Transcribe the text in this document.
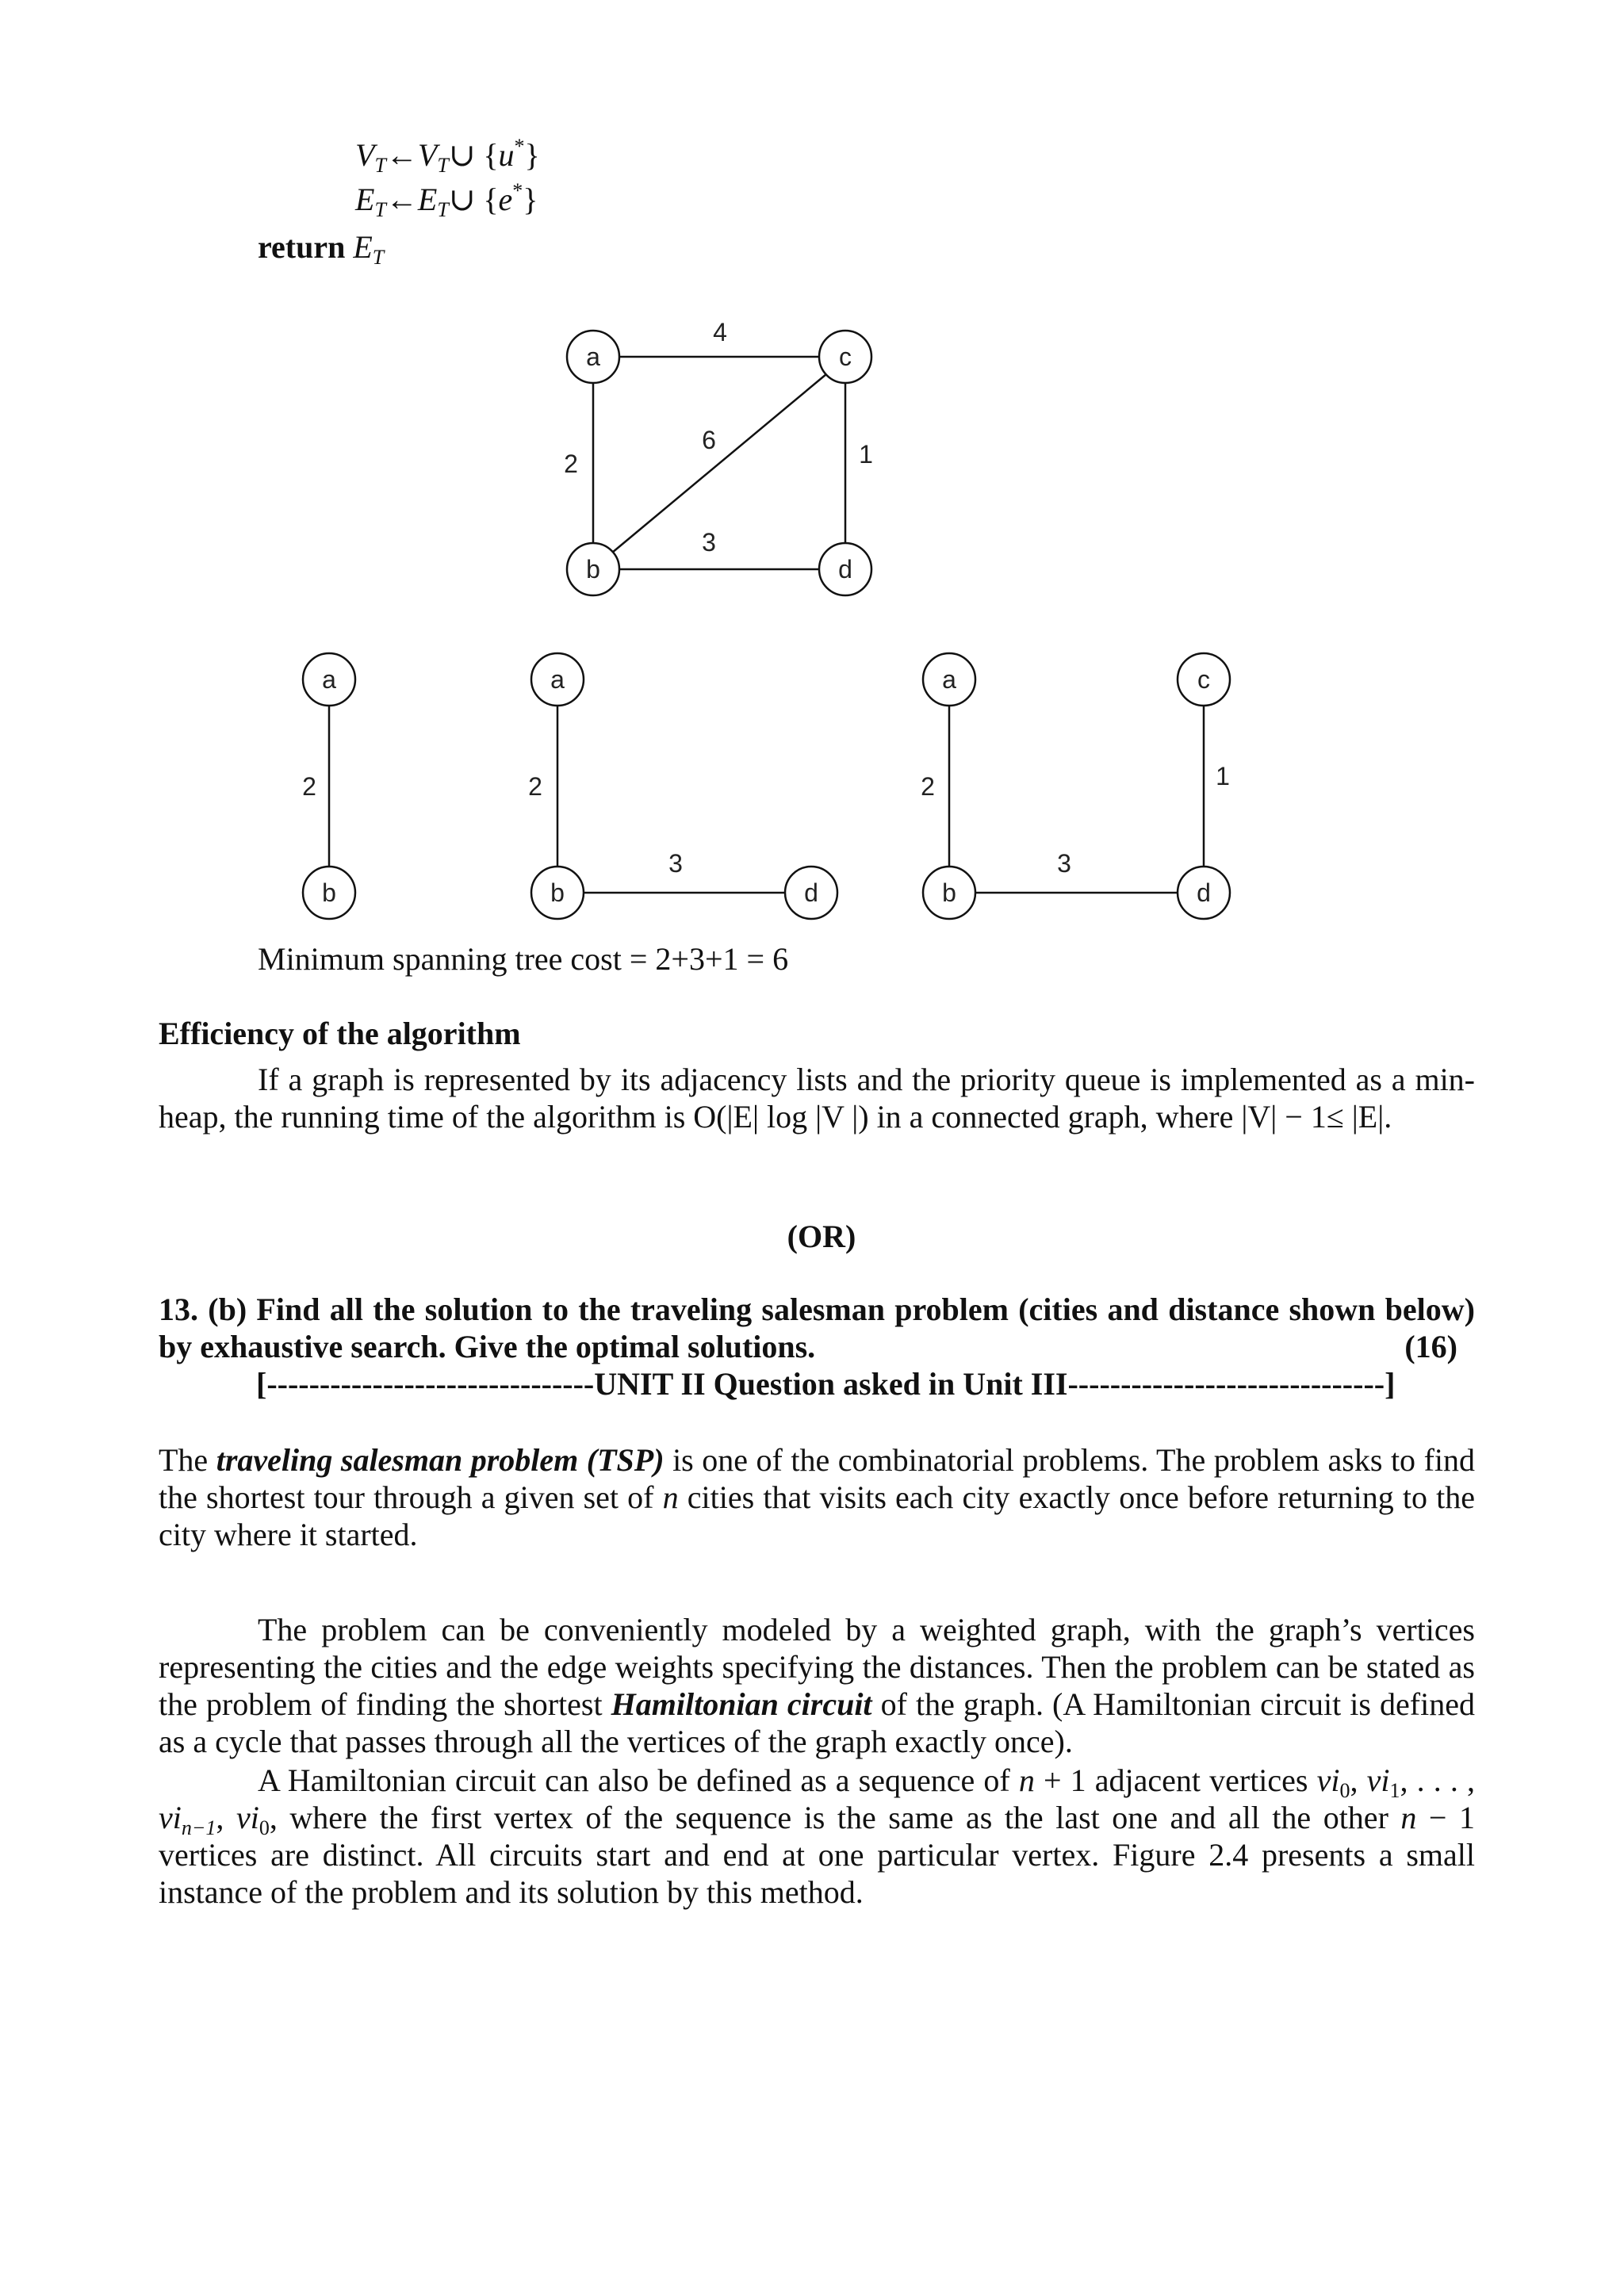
$V_T\leftarrow V_T\cup$ {u*}
$E_T\leftarrow E_T\cup$ {e*}
return $E_T$
a	c
b	d
4
2
6	1
3
a
b
2
a
b	d
2
3
a	c
b	d
2	1
3
Minimum spanning tree cost = 2+3+1 = 6
Efficiency of the algorithm
If a graph is represented by its adjacency lists and the priority queue is implemented as a min-heap, the running time of the algorithm is O(|E| log |V |) in a connected graph, where |V| − 1≤ |E|.
(OR)
13. (b) Find all the solution to the traveling salesman problem (cities and distance shown below) by exhaustive search. Give the optimal solutions.	(16)
[-------------------------------UNIT II Question asked in Unit III------------------------------]
The traveling salesman problem (TSP) is one of the combinatorial problems. The problem asks to find the shortest tour through a given set of n cities that visits each city exactly once before returning to the city where it started.
The problem can be conveniently modeled by a weighted graph, with the graph’s vertices representing the cities and the edge weights specifying the distances. Then the problem can be stated as the problem of finding the shortest Hamiltonian circuit of the graph. (A Hamiltonian circuit is defined as a cycle that passes through all the vertices of the graph exactly once).
A Hamiltonian circuit can also be defined as a sequence of n + 1 adjacent vertices $vi_0$, $vi_1$, . . . , $vi_{n-1}$, $vi_0$, where the first vertex of the sequence is the same as the last one and all the other n − 1 vertices are distinct. All circuits start and end at one particular vertex. Figure 2.4 presents a small instance of the problem and its solution by this method.
